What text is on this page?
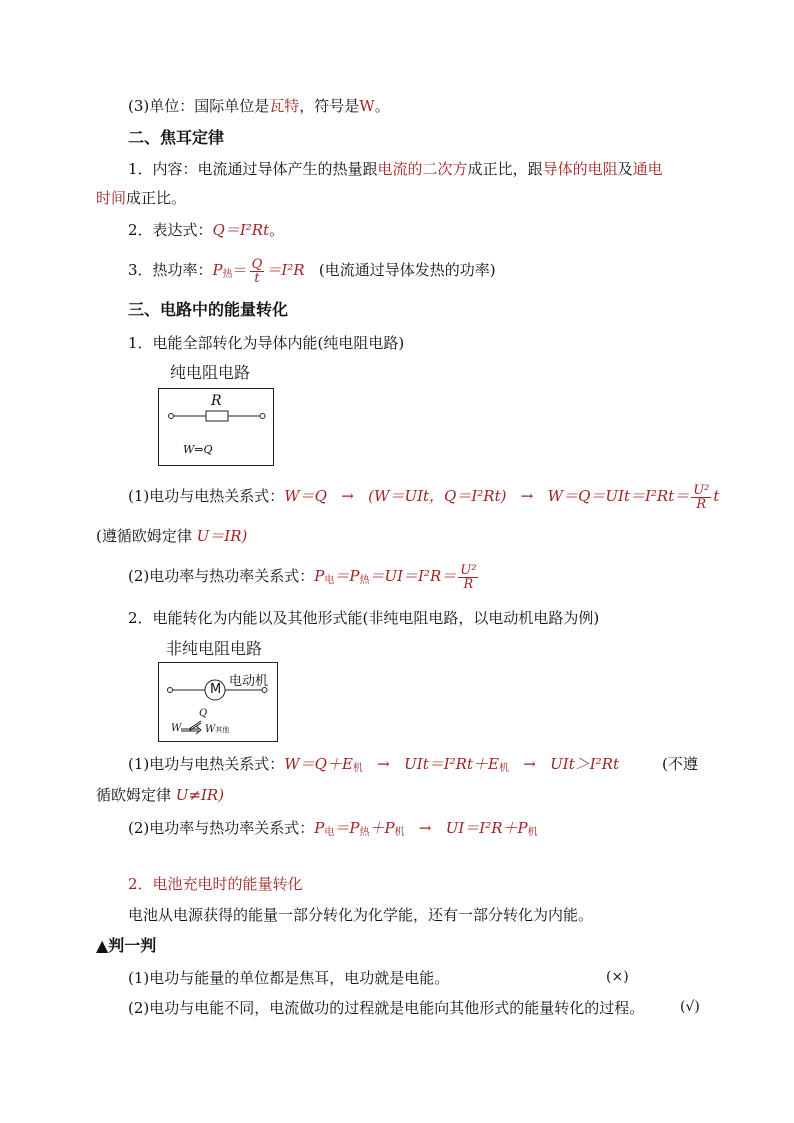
(3)单位：国际单位是瓦特，符号是W。
二、焦耳定律
1．内容：电流通过导体产生的热量跟电流的二次方成正比，跟导体的电阻及通电
时间成正比。
2．表达式：Q＝I²Rt。
3．热功率：$P_热= \frac{Q}{t} =I^2R$ (电流通过导体发热的功率)
三、电路中的能量转化
1．电能全部转化为导体内能(纯电阻电路)
纯电阻电路
R
W⇒Q
(1)电功与电热关系式：W＝Q → (W＝UIt，$Q=I^2Rt) \to W=Q=UIt=I^2Rt= \frac{\text{U²}}{R}$ t
(遵循欧姆定律 U＝IR)
(2)电功率与热功率关系式：$P_电=P_热=UI=I^2R= \frac{\text{U²}}{R}$
2．电能转化为内能以及其他形式能(非纯电阻电路，以电动机电路为例)
非纯电阻电路
M
电动机
Q
W W其他
(1)电功与电热关系式：$W=Q+E_机 \to UIt=I^2Rt+E_机 \to UIt>I^2Rt$	(不遵
循欧姆定律 U≠IR)
(2)电功率与热功率关系式：$P_电=P_热+P_机 \to UI=I^2R+P_机$
2．电池充电时的能量转化
电池从电源获得的能量一部分转化为化学能，还有一部分转化为内能。
▲判一判
(1)电功与能量的单位都是焦耳，电功就是电能。	(×)
(2)电功与电能不同，电流做功的过程就是电能向其他形式的能量转化的过程。	(√)
